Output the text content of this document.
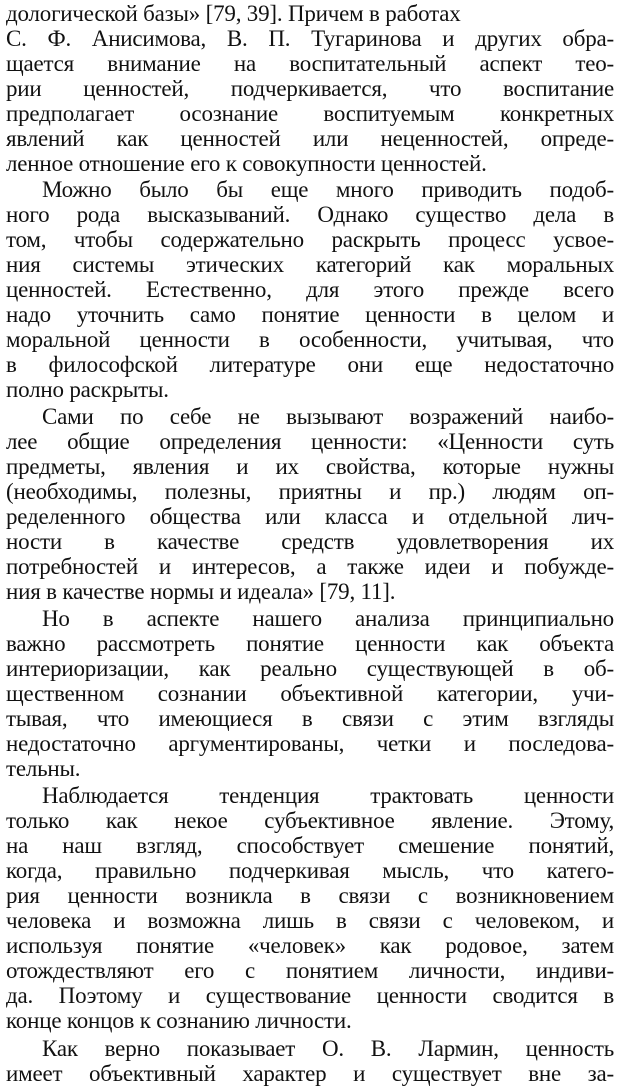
дологической базы» [79, 39]. Причем в работах
С. Ф. Анисимова, В. П. Тугаринова и других обра-
щается внимание на воспитательный аспект тео-
рии ценностей, подчеркивается, что воспитание
предполагает осознание воспитуемым конкретных
явлений как ценностей или неценностей, опреде-
ленное отношение его к совокупности ценностей.
Можно было бы еще много приводить подоб-
ного рода высказываний. Однако существо дела в
том, чтобы содержательно раскрыть процесс усвое-
ния системы этических категорий как моральных
ценностей. Естественно, для этого прежде всего
надо уточнить само понятие ценности в целом и
моральной ценности в особенности, учитывая, что
в философской литературе они еще недостаточно
полно раскрыты.
Сами по себе не вызывают возражений наибо-
лее общие определения ценности: «Ценности суть
предметы, явления и их свойства, которые нужны
(необходимы, полезны, приятны и пр.) людям оп-
ределенного общества или класса и отдельной лич-
ности в качестве средств удовлетворения их
потребностей и интересов, а также идеи и побужде-
ния в качестве нормы и идеала» [79, 11].
Но в аспекте нашего анализа принципиально
важно рассмотреть понятие ценности как объекта
интериоризации, как реально существующей в об-
щественном сознании объективной категории, учи-
тывая, что имеющиеся в связи с этим взгляды
недостаточно аргументированы, четки и последова-
тельны.
Наблюдается тенденция трактовать ценности
только как некое субъективное явление. Этому,
на наш взгляд, способствует смешение понятий,
когда, правильно подчеркивая мысль, что катего-
рия ценности возникла в связи с возникновением
человека и возможна лишь в связи с человеком, и
используя понятие «человек» как родовое, затем
отождествляют его с понятием личности, индиви-
да. Поэтому и существование ценности сводится в
конце концов к сознанию личности.
Как верно показывает О. В. Лармин, ценность
имеет объективный характер и существует вне за-
